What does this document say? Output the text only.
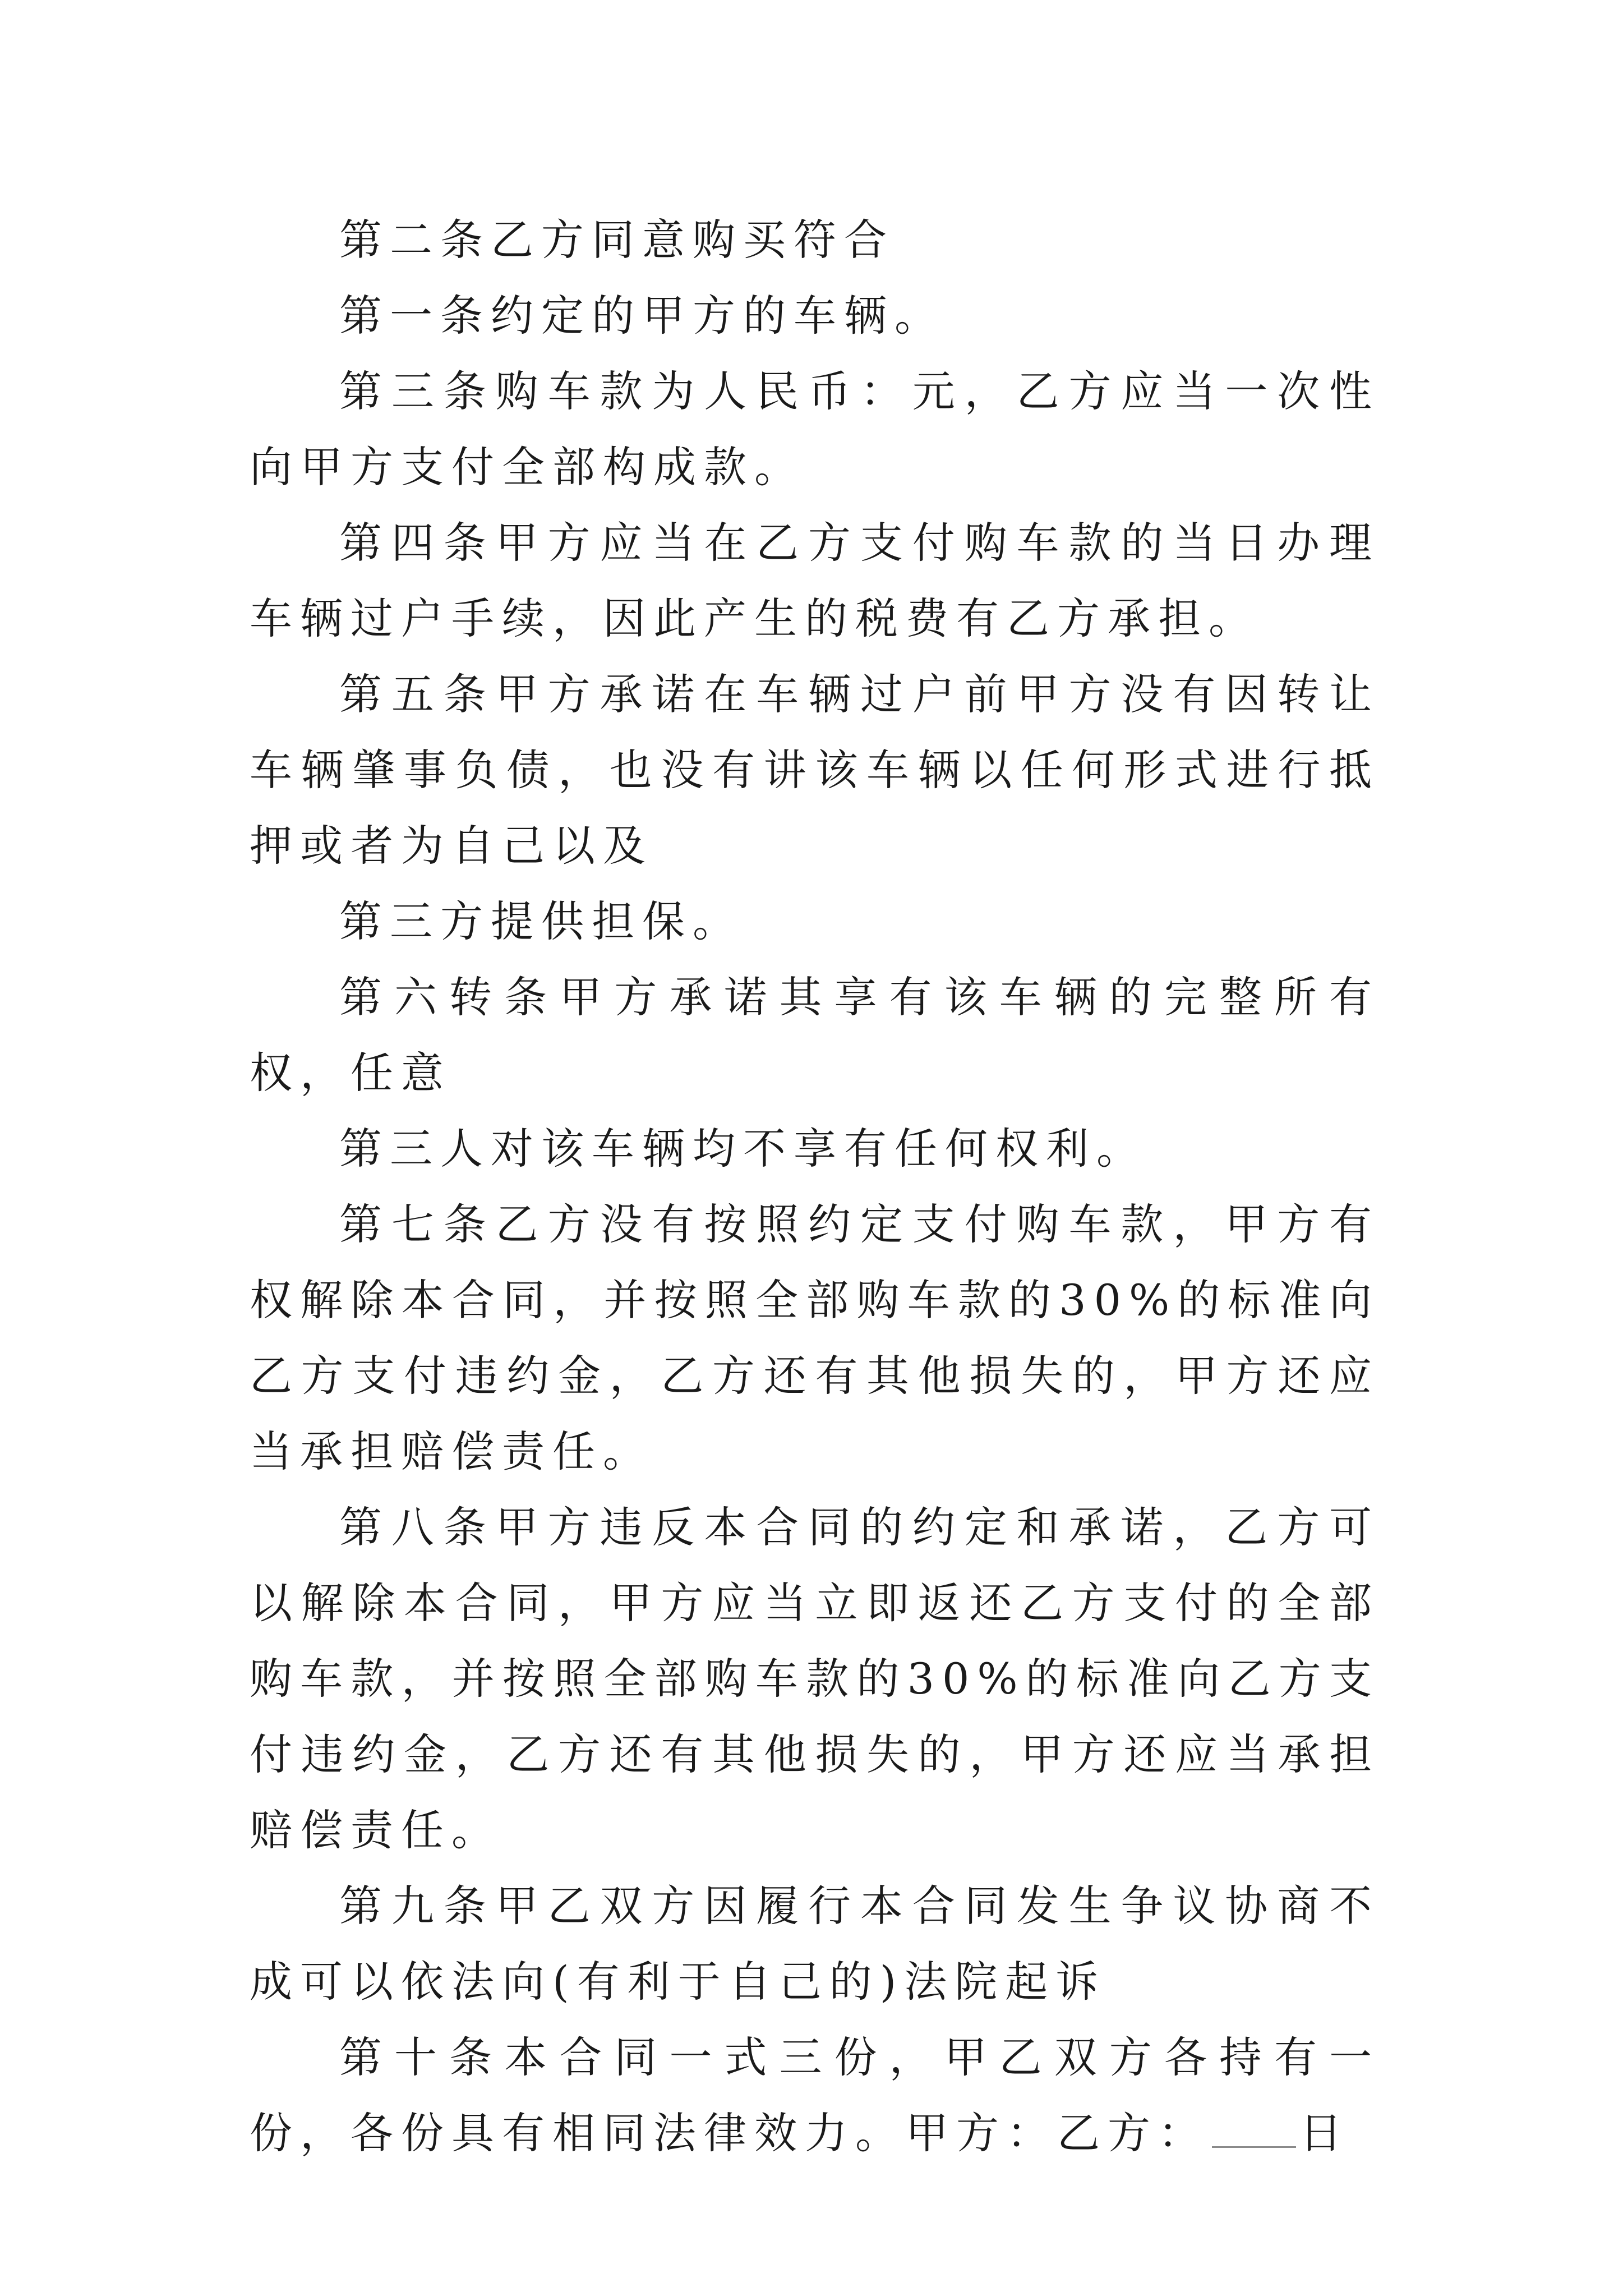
第二条乙方同意购买符合

第一条约定的甲方的车辆。

第三条购车款为人民币：元，乙方应当一次性向甲方支付全部构成款。

第四条甲方应当在乙方支付购车款的当日办理车辆过户手续，因此产生的税费有乙方承担。

第五条甲方承诺在车辆过户前甲方没有因转让车辆肇事负债，也没有讲该车辆以任何形式进行抵押或者为自己以及

第三方提供担保。

第六转条甲方承诺其享有该车辆的完整所有权，任意

第三人对该车辆均不享有任何权利。

第七条乙方没有按照约定支付购车款，甲方有权解除本合同，并按照全部购车款的30%的标准向乙方支付违约金，乙方还有其他损失的，甲方还应当承担赔偿责任。

第八条甲方违反本合同的约定和承诺，乙方可以解除本合同，甲方应当立即返还乙方支付的全部购车款，并按照全部购车款的30%的标准向乙方支付违约金，乙方还有其他损失的，甲方还应当承担赔偿责任。

第九条甲乙双方因履行本合同发生争议协商不成可以依法向(有利于自己的)法院起诉

第十条本合同一式三份，甲乙双方各持有一份，各份具有相同法律效力。甲方：乙方： 日
